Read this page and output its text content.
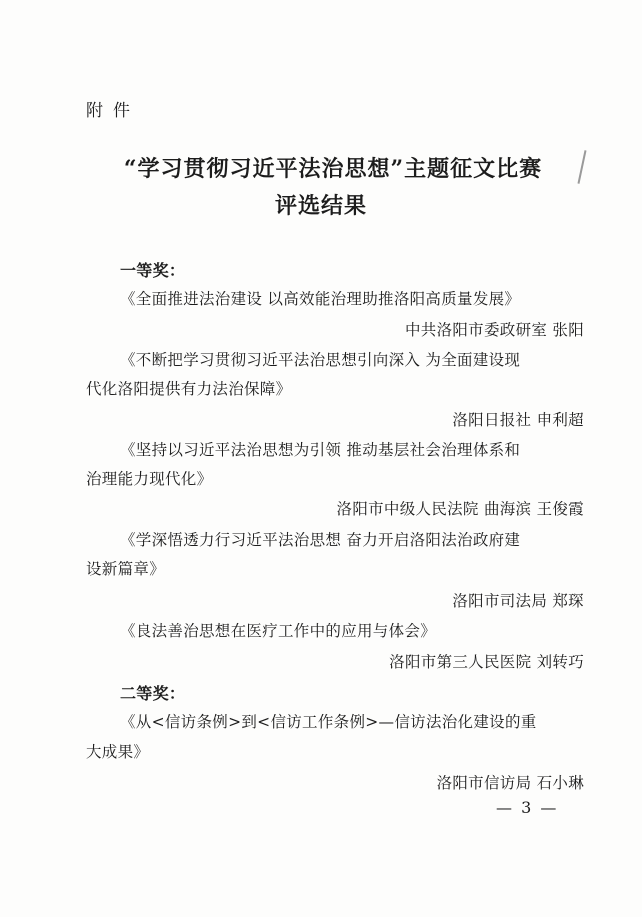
附件
“学习贯彻习近平法治思想”主题征文比赛
评选结果
一等奖：
《全面推进法治建设 以高效能治理助推洛阳高质量发展》
中共洛阳市委政研室 张阳
《不断把学习贯彻习近平法治思想引向深入 为全面建设现
代化洛阳提供有力法治保障》
洛阳日报社 申利超
《坚持以习近平法治思想为引领 推动基层社会治理体系和
治理能力现代化》
洛阳市中级人民法院 曲海滨 王俊霞
《学深悟透力行习近平法治思想 奋力开启洛阳法治政府建
设新篇章》
洛阳市司法局 郑琛
《良法善治思想在医疗工作中的应用与体会》
洛阳市第三人民医院 刘转巧
二等奖：
《从<信访条例>到<信访工作条例>—信访法治化建设的重
大成果》
洛阳市信访局 石小琳
— 3 —
